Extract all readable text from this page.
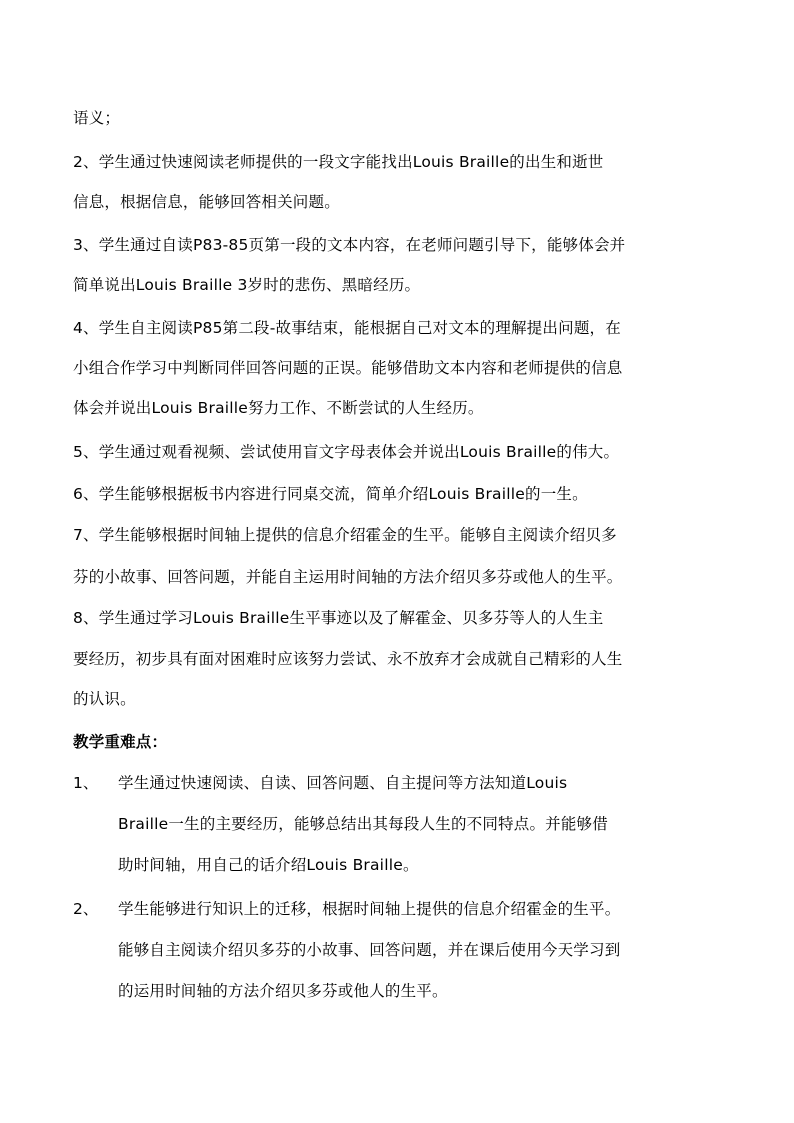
语义；
2、学生通过快速阅读老师提供的一段文字能找出Louis Braille的出生和逝世
信息，根据信息，能够回答相关问题。
3、学生通过自读P83-85页第一段的文本内容，在老师问题引导下，能够体会并
简单说出Louis Braille 3岁时的悲伤、黑暗经历。
4、学生自主阅读P85第二段-故事结束，能根据自己对文本的理解提出问题，在
小组合作学习中判断同伴回答问题的正误。能够借助文本内容和老师提供的信息
体会并说出Louis Braille努力工作、不断尝试的人生经历。
5、学生通过观看视频、尝试使用盲文字母表体会并说出Louis Braille的伟大。
6、学生能够根据板书内容进行同桌交流，简单介绍Louis Braille的一生。
7、学生能够根据时间轴上提供的信息介绍霍金的生平。能够自主阅读介绍贝多
芬的小故事、回答问题，并能自主运用时间轴的方法介绍贝多芬或他人的生平。
8、学生通过学习Louis Braille生平事迹以及了解霍金、贝多芬等人的人生主
要经历，初步具有面对困难时应该努力尝试、永不放弃才会成就自己精彩的人生
的认识。
教学重难点：
1、 学生通过快速阅读、自读、回答问题、自主提问等方法知道Louis
Braille一生的主要经历，能够总结出其每段人生的不同特点。并能够借
助时间轴，用自己的话介绍Louis Braille。
2、 学生能够进行知识上的迁移，根据时间轴上提供的信息介绍霍金的生平。
能够自主阅读介绍贝多芬的小故事、回答问题，并在课后使用今天学习到
的运用时间轴的方法介绍贝多芬或他人的生平。
